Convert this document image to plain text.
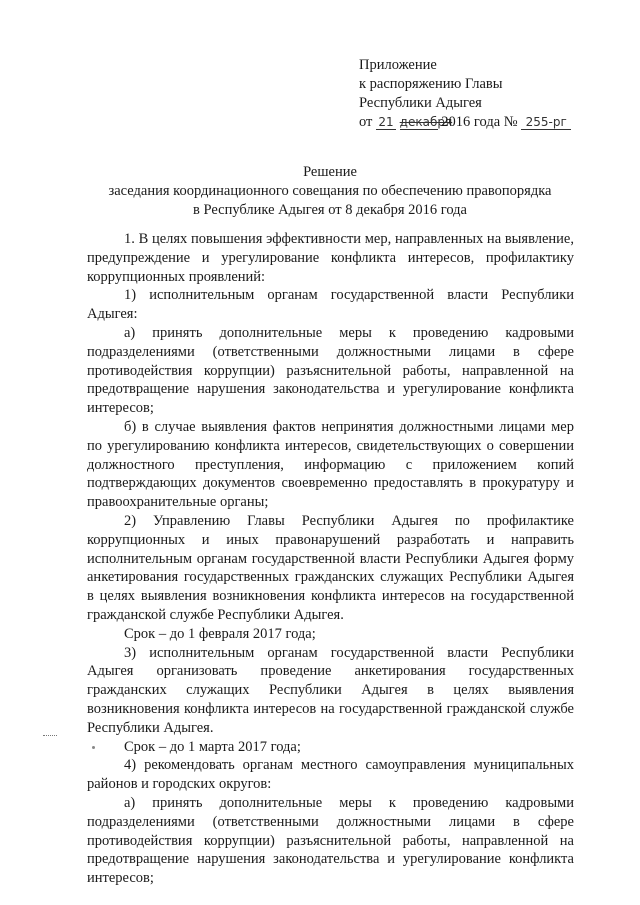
Приложение
к распоряжению Главы
Республики Адыгея
от 21 декабря 2016 года № 255-рг
Решение
заседания координационного совещания по обеспечению правопорядка
в Республике Адыгея от 8 декабря 2016 года

1. В целях повышения эффективности мер, направленных на выявление, предупреждение и урегулирование конфликта интересов, профилактику коррупционных проявлений:

1) исполнительным органам государственной власти Республики Адыгея:

а) принять дополнительные меры к проведению кадровыми подразделениями (ответственными должностными лицами в сфере противодействия коррупции) разъяснительной работы, направленной на предотвращение нарушения законодательства и урегулирование конфликта интересов;

б) в случае выявления фактов непринятия должностными лицами мер по урегулированию конфликта интересов, свидетельствующих о совершении должностного преступления, информацию с приложением копий подтверждающих документов своевременно предоставлять в прокуратуру и правоохранительные органы;

2) Управлению Главы Республики Адыгея по профилактике коррупционных и иных правонарушений разработать и направить исполнительным органам государственной власти Республики Адыгея форму анкетирования государственных гражданских служащих Республики Адыгея в целях выявления возникновения конфликта интересов на государственной гражданской службе Республики Адыгея.

Срок – до 1 февраля 2017 года;

3) исполнительным органам государственной власти Республики Адыгея организовать проведение анкетирования государственных гражданских служащих Республики Адыгея в целях выявления возникновения конфликта интересов на государственной гражданской службе Республики Адыгея.

Срок – до 1 марта 2017 года;

4) рекомендовать органам местного самоуправления муниципальных районов и городских округов:

а) принять дополнительные меры к проведению кадровыми подразделениями (ответственными должностными лицами в сфере противодействия коррупции) разъяснительной работы, направленной на предотвращение нарушения законодательства и урегулирование конфликта интересов;
